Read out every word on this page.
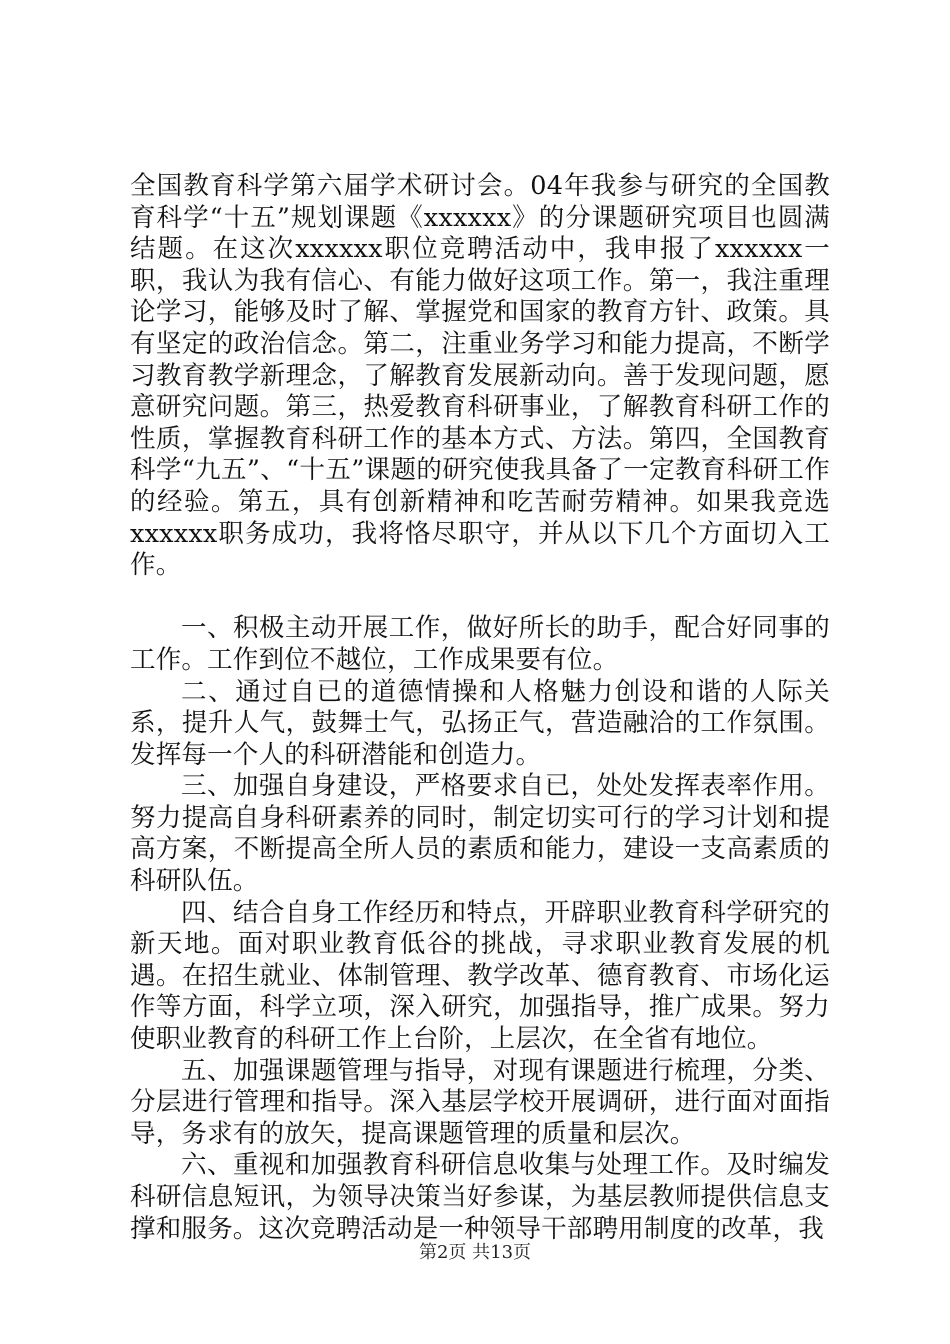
全国教育科学第六届学术研讨会。04年我参与研究的全国教育科学“十五”规划课题《xxxxxx》的分课题研究项目也圆满结题。在这次xxxxxx职位竞聘活动中，我申报了xxxxxx一职，我认为我有信心、有能力做好这项工作。第一，我注重理论学习，能够及时了解、掌握党和国家的教育方针、政策。具有坚定的政治信念。第二，注重业务学习和能力提高，不断学习教育教学新理念，了解教育发展新动向。善于发现问题，愿意研究问题。第三，热爱教育科研事业，了解教育科研工作的性质，掌握教育科研工作的基本方式、方法。第四，全国教育科学“九五”、“十五”课题的研究使我具备了一定教育科研工作的经验。第五，具有创新精神和吃苦耐劳精神。如果我竞选xxxxxx职务成功，我将恪尽职守，并从以下几个方面切入工作。

一、积极主动开展工作，做好所长的助手，配合好同事的工作。工作到位不越位，工作成果要有位。

二、通过自已的道德情操和人格魅力创设和谐的人际关系，提升人气，鼓舞士气，弘扬正气，营造融洽的工作氛围。发挥每一个人的科研潜能和创造力。

三、加强自身建设，严格要求自已，处处发挥表率作用。努力提高自身科研素养的同时，制定切实可行的学习计划和提高方案，不断提高全所人员的素质和能力，建设一支高素质的科研队伍。

四、结合自身工作经历和特点，开辟职业教育科学研究的新天地。面对职业教育低谷的挑战，寻求职业教育发展的机遇。在招生就业、体制管理、教学改革、德育教育、市场化运作等方面，科学立项，深入研究，加强指导，推广成果。努力使职业教育的科研工作上台阶，上层次，在全省有地位。

五、加强课题管理与指导，对现有课题进行梳理，分类、分层进行管理和指导。深入基层学校开展调研，进行面对面指导，务求有的放矢，提高课题管理的质量和层次。

六、重视和加强教育科研信息收集与处理工作。及时编发科研信息短讯，为领导决策当好参谋，为基层教师提供信息支撑和服务。这次竞聘活动是一种领导干部聘用制度的改革，我

第2页 共13页
